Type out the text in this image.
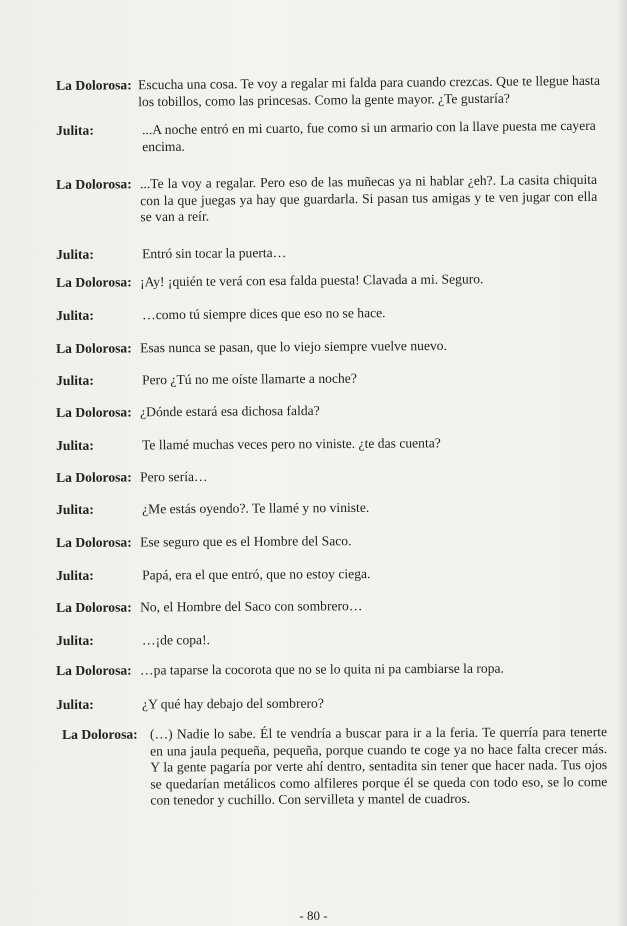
La Dolorosa: Escucha una cosa. Te voy a regalar mi falda para cuando crezcas. Que te llegue hasta los tobillos, como las princesas. Como la gente mayor. ¿Te gustaría?
Julita:	...A noche entró en mi cuarto, fue como si un armario con la llave puesta me cayera encima.
La Dolorosa: ...Te la voy a regalar. Pero eso de las muñecas ya ni hablar ¿eh?. La casita chiquita con la que juegas ya hay que guardarla. Si pasan tus amigas y te ven jugar con ella se van a reír.
Julita:	Entró sin tocar la puerta…
La Dolorosa: ¡Ay! ¡quién te verá con esa falda puesta! Clavada a mi. Seguro.
Julita:	…como tú siempre dices que eso no se hace.
La Dolorosa: Esas nunca se pasan, que lo viejo siempre vuelve nuevo.
Julita:	Pero ¿Tú no me oíste llamarte a noche?
La Dolorosa: ¿Dónde estará esa dichosa falda?
Julita:	Te llamé muchas veces pero no viniste. ¿te das cuenta?
La Dolorosa: Pero sería…
Julita:	¿Me estás oyendo?. Te llamé y no viniste.
La Dolorosa: Ese seguro que es el Hombre del Saco.
Julita:	Papá, era el que entró, que no estoy ciega.
La Dolorosa: No, el Hombre del Saco con sombrero…
Julita:	…¡de copa!.
La Dolorosa: …pa taparse la cocorota que no se lo quita ni pa cambiarse la ropa.
Julita:	¿Y qué hay debajo del sombrero?
La Dolorosa: (…) Nadie lo sabe. Él te vendría a buscar para ir a la feria. Te querría para tenerte en una jaula pequeña, pequeña, porque cuando te coge ya no hace falta crecer más. Y la gente pagaría por verte ahí dentro, sentadita sin tener que hacer nada. Tus ojos se quedarían metálicos como alfileres porque él se queda con todo eso, se lo come con tenedor y cuchillo. Con servilleta y mantel de cuadros.
- 80 -
